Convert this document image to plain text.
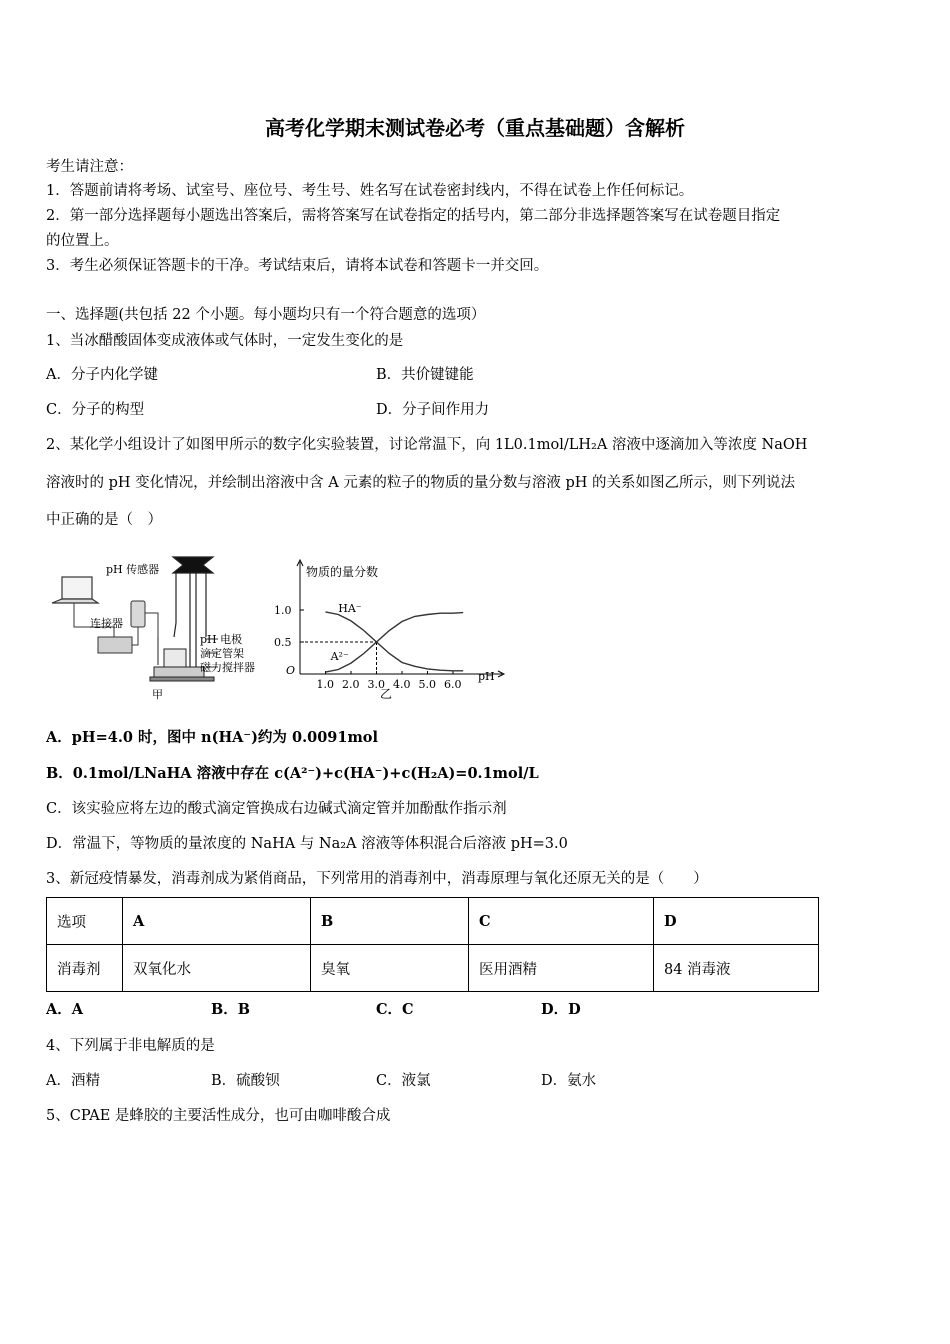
高考化学期末测试卷必考（重点基础题）含解析
考生请注意：
1．答题前请将考场、试室号、座位号、考生号、姓名写在试卷密封线内，不得在试卷上作任何标记。
2．第一部分选择题每小题选出答案后，需将答案写在试卷指定的括号内，第二部分非选择题答案写在试卷题目指定
的位置上。
3．考生必须保证答题卡的干净。考试结束后，请将本试卷和答题卡一并交回。
一、选择题(共包括 22 个小题。每小题均只有一个符合题意的选项）
1、当冰醋酸固体变成液体或气体时，一定发生变化的是
A．分子内化学键	B．共价键键能
C．分子的构型	D．分子间作用力
2、某化学小组设计了如图甲所示的数字化实验装置，讨论常温下，向 1L0.1mol/LH₂A 溶液中逐滴加入等浓度 NaOH
溶液时的 pH 变化情况，并绘制出溶液中含 A 元素的粒子的物质的量分数与溶液 pH 的关系如图乙所示，则下列说法
中正确的是（　）
pH 传感器
连接器
pH 电极
滴定管架
磁力搅拌器
甲
物质的量分数
pH
O
乙
1.0 2.0 3.0 4.0 5.0 6.0
0.5
1.0	HA⁻
A²⁻
A．pH=4.0 时，图中 n(HA⁻)约为 0.0091mol
B．0.1mol/LNaHA 溶液中存在 c(A²⁻)+c(HA⁻)+c(H₂A)=0.1mol/L
C．该实验应将左边的酸式滴定管换成右边碱式滴定管并加酚酞作指示剂
D．常温下，等物质的量浓度的 NaHA 与 Na₂A 溶液等体积混合后溶液 pH=3.0
3、新冠疫情暴发，消毒剂成为紧俏商品，下列常用的消毒剂中，消毒原理与氧化还原无关的是（　　）
选项	A	B	C	D
消毒剂	双氧化水	臭氧	医用酒精	84 消毒液
A．A	B．B	C．C	D．D
4、下列属于非电解质的是
A．酒精	B．硫酸钡	C．液氯	D．氨水
5、CPAE 是蜂胶的主要活性成分，也可由咖啡酸合成
